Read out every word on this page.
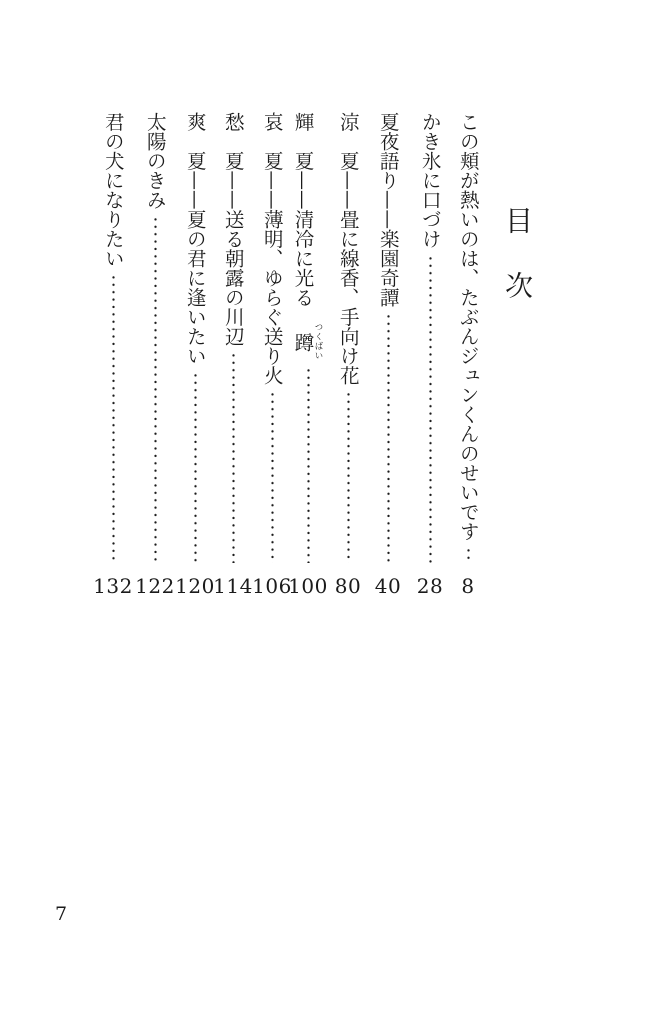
目次
この頬が熱いのは、たぶんジュンくんのせいです
8
かき氷に口づけ
28
夏夜語り——楽園奇譚
40
涼　夏——畳に線香、手向け花
80
輝　夏——清冷に光る　蹲つくばい
100
哀　夏——薄明、ゆらぐ送り火
106
愁　夏——送る朝露の川辺
114
爽　夏——夏の君に逢いたい
120
太陽のきみ
122
君の犬になりたい
132
7
